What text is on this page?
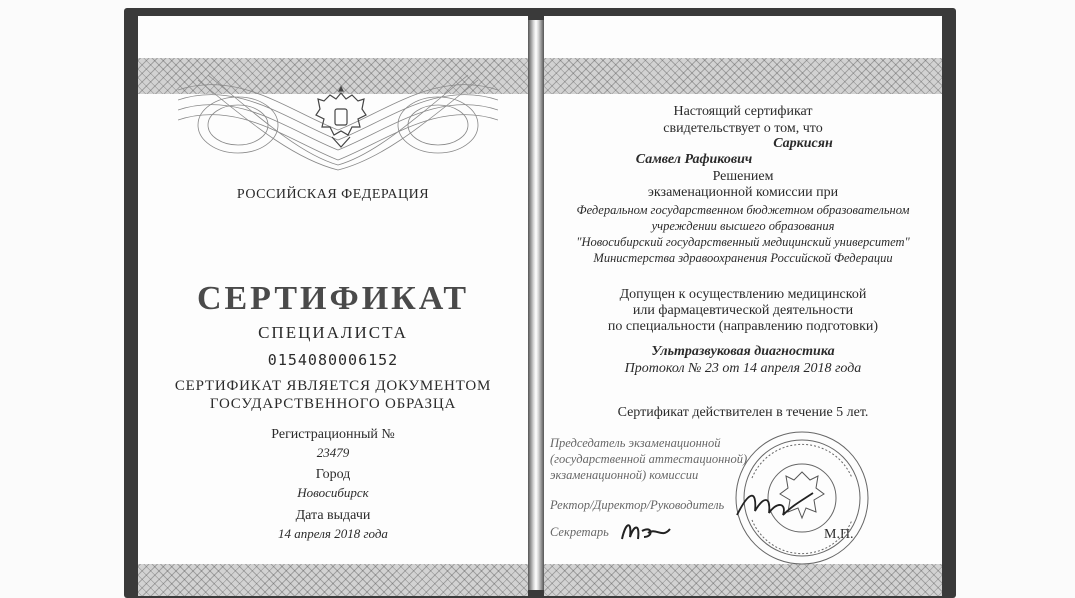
РОССИЙСКАЯ ФЕДЕРАЦИЯ
СЕРТИФИКАТ
СПЕЦИАЛИСТА
0154080006152
СЕРТИФИКАТ ЯВЛЯЕТСЯ ДОКУМЕНТОМ
ГОСУДАРСТВЕННОГО ОБРАЗЦА
Регистрационный №
23479
Город
Новосибирск
Дата выдачи
14 апреля 2018 года
Настоящий сертификат
свидетельствует о том, что
Саркисян
Самвел Рафикович
Решением
экзаменационной комиссии при
Федеральном государственном бюджетном образовательном
учреждении высшего образования
"Новосибирский государственный медицинский университет"
Министерства здравоохранения Российской Федерации
Допущен к осуществлению медицинской
или фармацевтической деятельности
по специальности (направлению подготовки)
Ультразвуковая диагностика
Протокол № 23 от 14 апреля 2018 года
Сертификат действителен в течение 5 лет.
Председатель экзаменационной
(государственной аттестационной)
экзаменационной) комиссии
Ректор/Директор/Руководитель
Секретарь	М.П.
